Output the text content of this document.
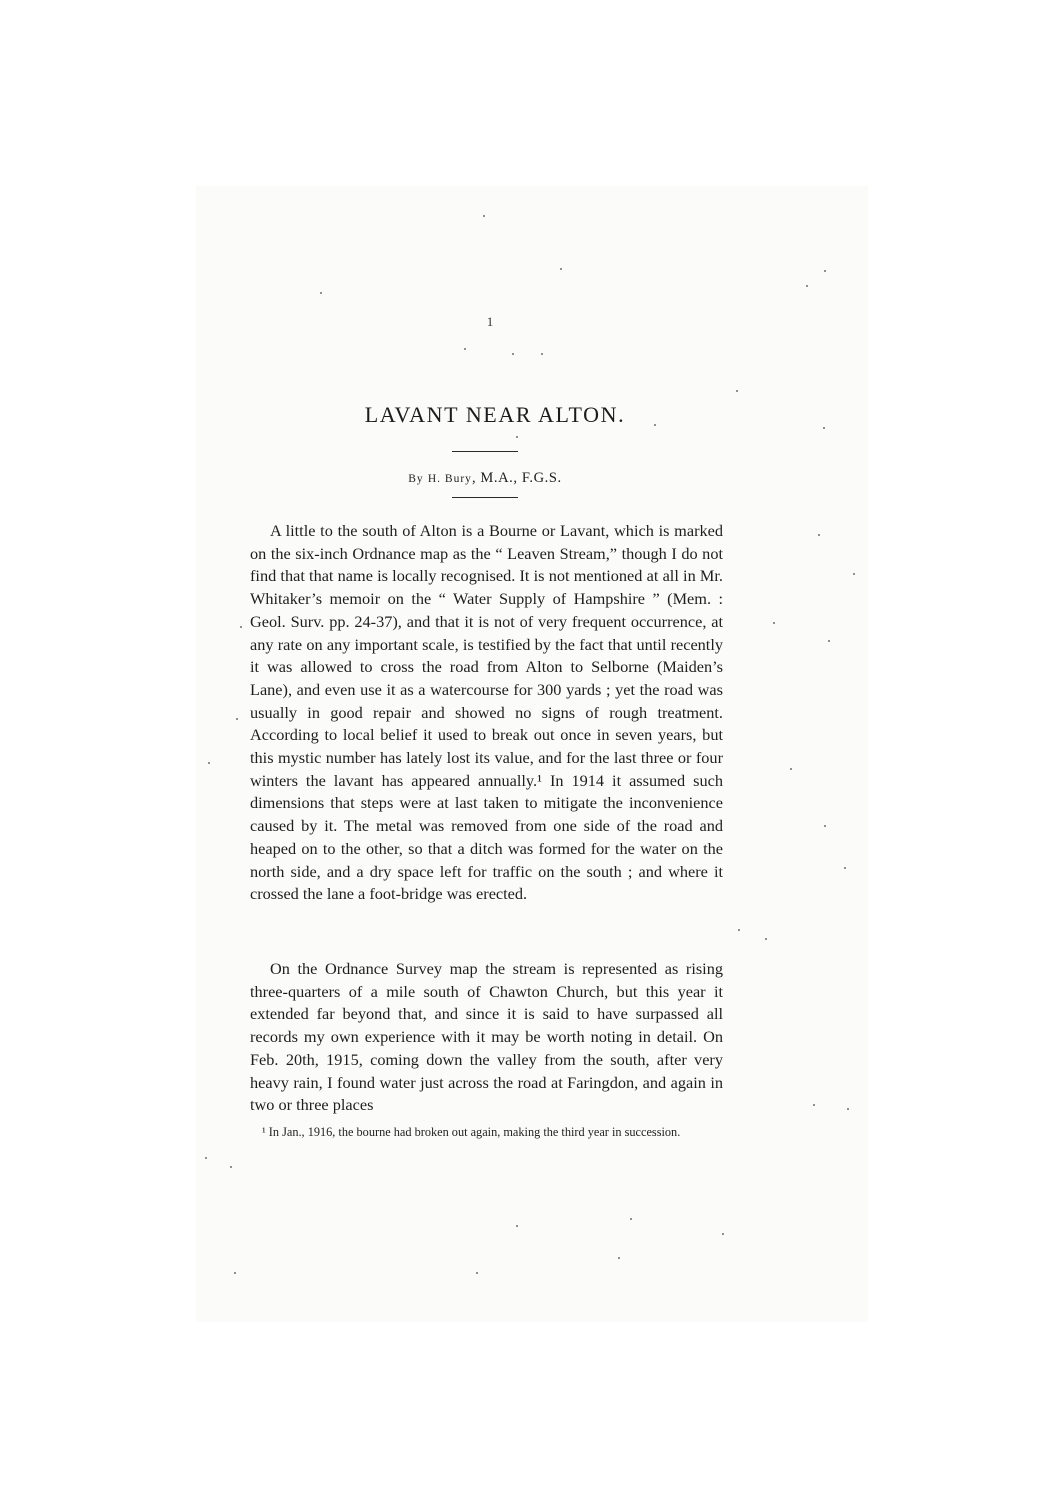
1
LAVANT NEAR ALTON.
By H. Bury, M.A., F.G.S.

A little to the south of Alton is a Bourne or Lavant, which is marked on the six-inch Ordnance map as the “ Leaven Stream,” though I do not find that that name is locally recognised. It is not mentioned at all in Mr. Whitaker’s memoir on the “ Water Supply of Hampshire ” (Mem. : Geol. Surv. pp. 24-37), and that it is not of very frequent occurrence, at any rate on any important scale, is testified by the fact that until recently it was allowed to cross the road from Alton to Selborne (Maiden’s Lane), and even use it as a watercourse for 300 yards ; yet the road was usually in good repair and showed no signs of rough treatment. According to local belief it used to break out once in seven years, but this mystic number has lately lost its value, and for the last three or four winters the lavant has appeared annually.¹ In 1914 it assumed such dimensions that steps were at last taken to mitigate the inconvenience caused by it. The metal was removed from one side of the road and heaped on to the other, so that a ditch was formed for the water on the north side, and a dry space left for traffic on the south ; and where it crossed the lane a foot-bridge was erected.

On the Ordnance Survey map the stream is represented as rising three-quarters of a mile south of Chawton Church, but this year it extended far beyond that, and since it is said to have surpassed all records my own experience with it may be worth noting in detail. On Feb. 20th, 1915, coming down the valley from the south, after very heavy rain, I found water just across the road at Faringdon, and again in two or three places

¹ In Jan., 1916, the bourne had broken out again, making the third year in succession.
